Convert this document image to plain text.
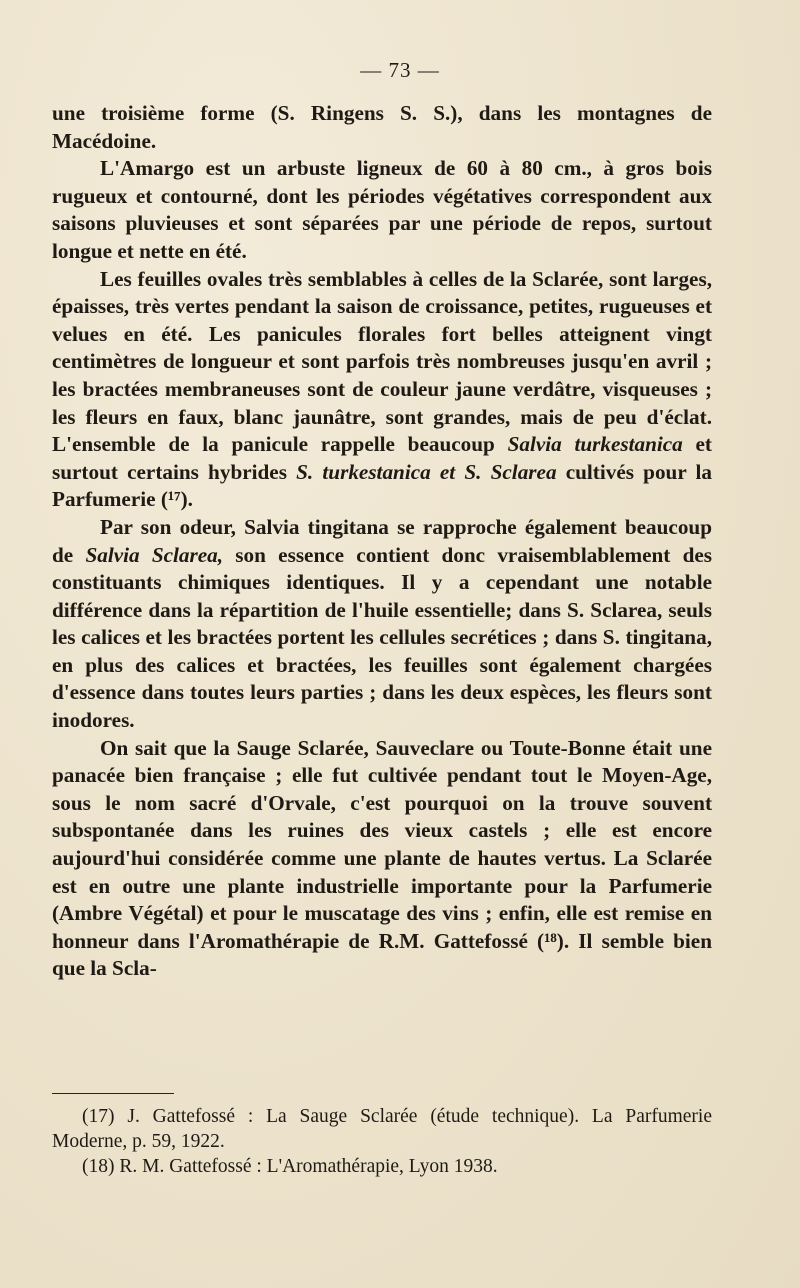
— 73 —

une troisième forme (S. Ringens S. S.), dans les montagnes de Macédoine.

L'Amargo est un arbuste ligneux de 60 à 80 cm., à gros bois rugueux et contourné, dont les périodes végétatives correspondent aux saisons pluvieuses et sont séparées par une période de repos, surtout longue et nette en été.

Les feuilles ovales très semblables à celles de la Sclarée, sont larges, épaisses, très vertes pendant la saison de croissance, petites, rugueuses et velues en été. Les panicules florales fort belles atteignent vingt centimètres de longueur et sont parfois très nombreuses jusqu'en avril ; les bractées membraneuses sont de couleur jaune verdâtre, visqueuses ; les fleurs en faux, blanc jaunâtre, sont grandes, mais de peu d'éclat. L'ensemble de la panicule rappelle beaucoup Salvia turkestanica et surtout certains hybrides S. turkestanica et S. Sclarea cultivés pour la Parfumerie (¹⁷).

Par son odeur, Salvia tingitana se rapproche également beaucoup de Salvia Sclarea, son essence contient donc vraisemblablement des constituants chimiques identiques. Il y a cependant une notable différence dans la répartition de l'huile essentielle; dans S. Sclarea, seuls les calices et les bractées portent les cellules secrétices ; dans S. tingitana, en plus des calices et bractées, les feuilles sont également chargées d'essence dans toutes leurs parties ; dans les deux espèces, les fleurs sont inodores.

On sait que la Sauge Sclarée, Sauveclare ou Toute-Bonne était une panacée bien française ; elle fut cultivée pendant tout le Moyen-Age, sous le nom sacré d'Orvale, c'est pourquoi on la trouve souvent subspontanée dans les ruines des vieux castels ; elle est encore aujourd'hui considérée comme une plante de hautes vertus. La Sclarée est en outre une plante industrielle importante pour la Parfumerie (Ambre Végétal) et pour le muscatage des vins ; enfin, elle est remise en honneur dans l'Aromathérapie de R.M. Gattefossé (¹⁸). Il semble bien que la Scla-

(17) J. Gattefossé : La Sauge Sclarée (étude technique). La Parfumerie Moderne, p. 59, 1922.

(18) R. M. Gattefossé : L'Aromathérapie, Lyon 1938.
